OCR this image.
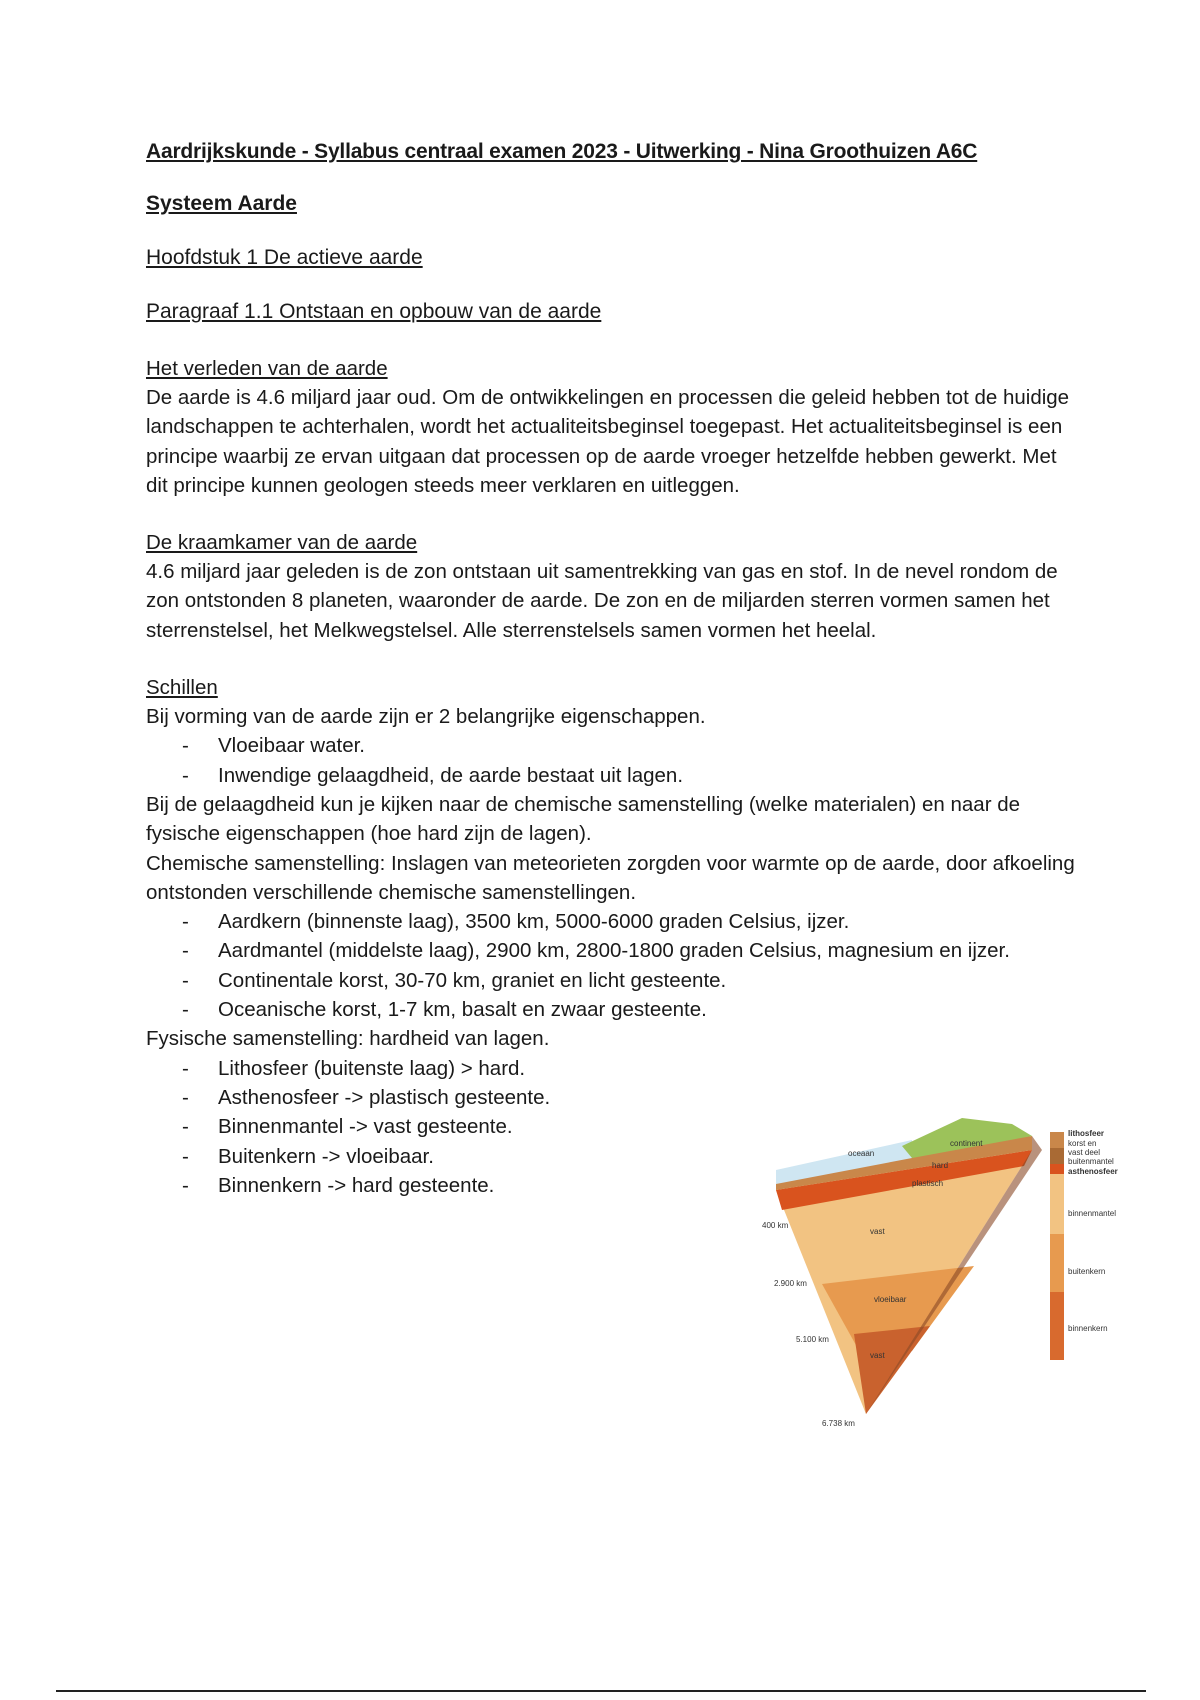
Aardrijkskunde - Syllabus centraal examen 2023 - Uitwerking - Nina Groothuizen A6C
Systeem Aarde
Hoofdstuk 1 De actieve aarde
Paragraaf 1.1 Ontstaan en opbouw van de aarde
Het verleden van de aarde

De aarde is 4.6 miljard jaar oud. Om de ontwikkelingen en processen die geleid hebben tot de huidige landschappen te achterhalen, wordt het actualiteitsbeginsel toegepast. Het actualiteitsbeginsel is een principe waarbij ze ervan uitgaan dat processen op de aarde vroeger hetzelfde hebben gewerkt. Met dit principe kunnen geologen steeds meer verklaren en uitleggen.

De kraamkamer van de aarde

4.6 miljard jaar geleden is de zon ontstaan uit samentrekking van gas en stof. In de nevel rondom de zon ontstonden 8 planeten, waaronder de aarde. De zon en de miljarden sterren vormen samen het sterrenstelsel, het Melkwegstelsel. Alle sterrenstelsels samen vormen het heelal.

Schillen

Bij vorming van de aarde zijn er 2 belangrijke eigenschappen.

- Vloeibaar water.
- Inwendige gelaagdheid, de aarde bestaat uit lagen.

Bij de gelaagdheid kun je kijken naar de chemische samenstelling (welke materialen) en naar de fysische eigenschappen (hoe hard zijn de lagen).

Chemische samenstelling: Inslagen van meteorieten zorgden voor warmte op de aarde, door afkoeling ontstonden verschillende chemische samenstellingen.

- Aardkern (binnenste laag), 3500 km, 5000-6000 graden Celsius, ijzer.
- Aardmantel (middelste laag), 2900 km, 2800-1800 graden Celsius, magnesium en ijzer.
- Continentale korst, 30-70 km, graniet en licht gesteente.
- Oceanische korst, 1-7 km, basalt en zwaar gesteente.

Fysische samenstelling: hardheid van lagen.

- Lithosfeer (buitenste laag) > hard.
- Asthenosfeer -> plastisch gesteente.
- Binnenmantel -> vast gesteente.
- Buitenkern -> vloeibaar.
- Binnenkern -> hard gesteente.
oceaan
continent
hard
plastisch
vast
vloeibaar
vast
400 km
2.900 km
5.100 km
6.738 km
lithosfeer
korst en
vast deel
buitenmantel
asthenosfeer
binnenmantel
buitenkern
binnenkern
